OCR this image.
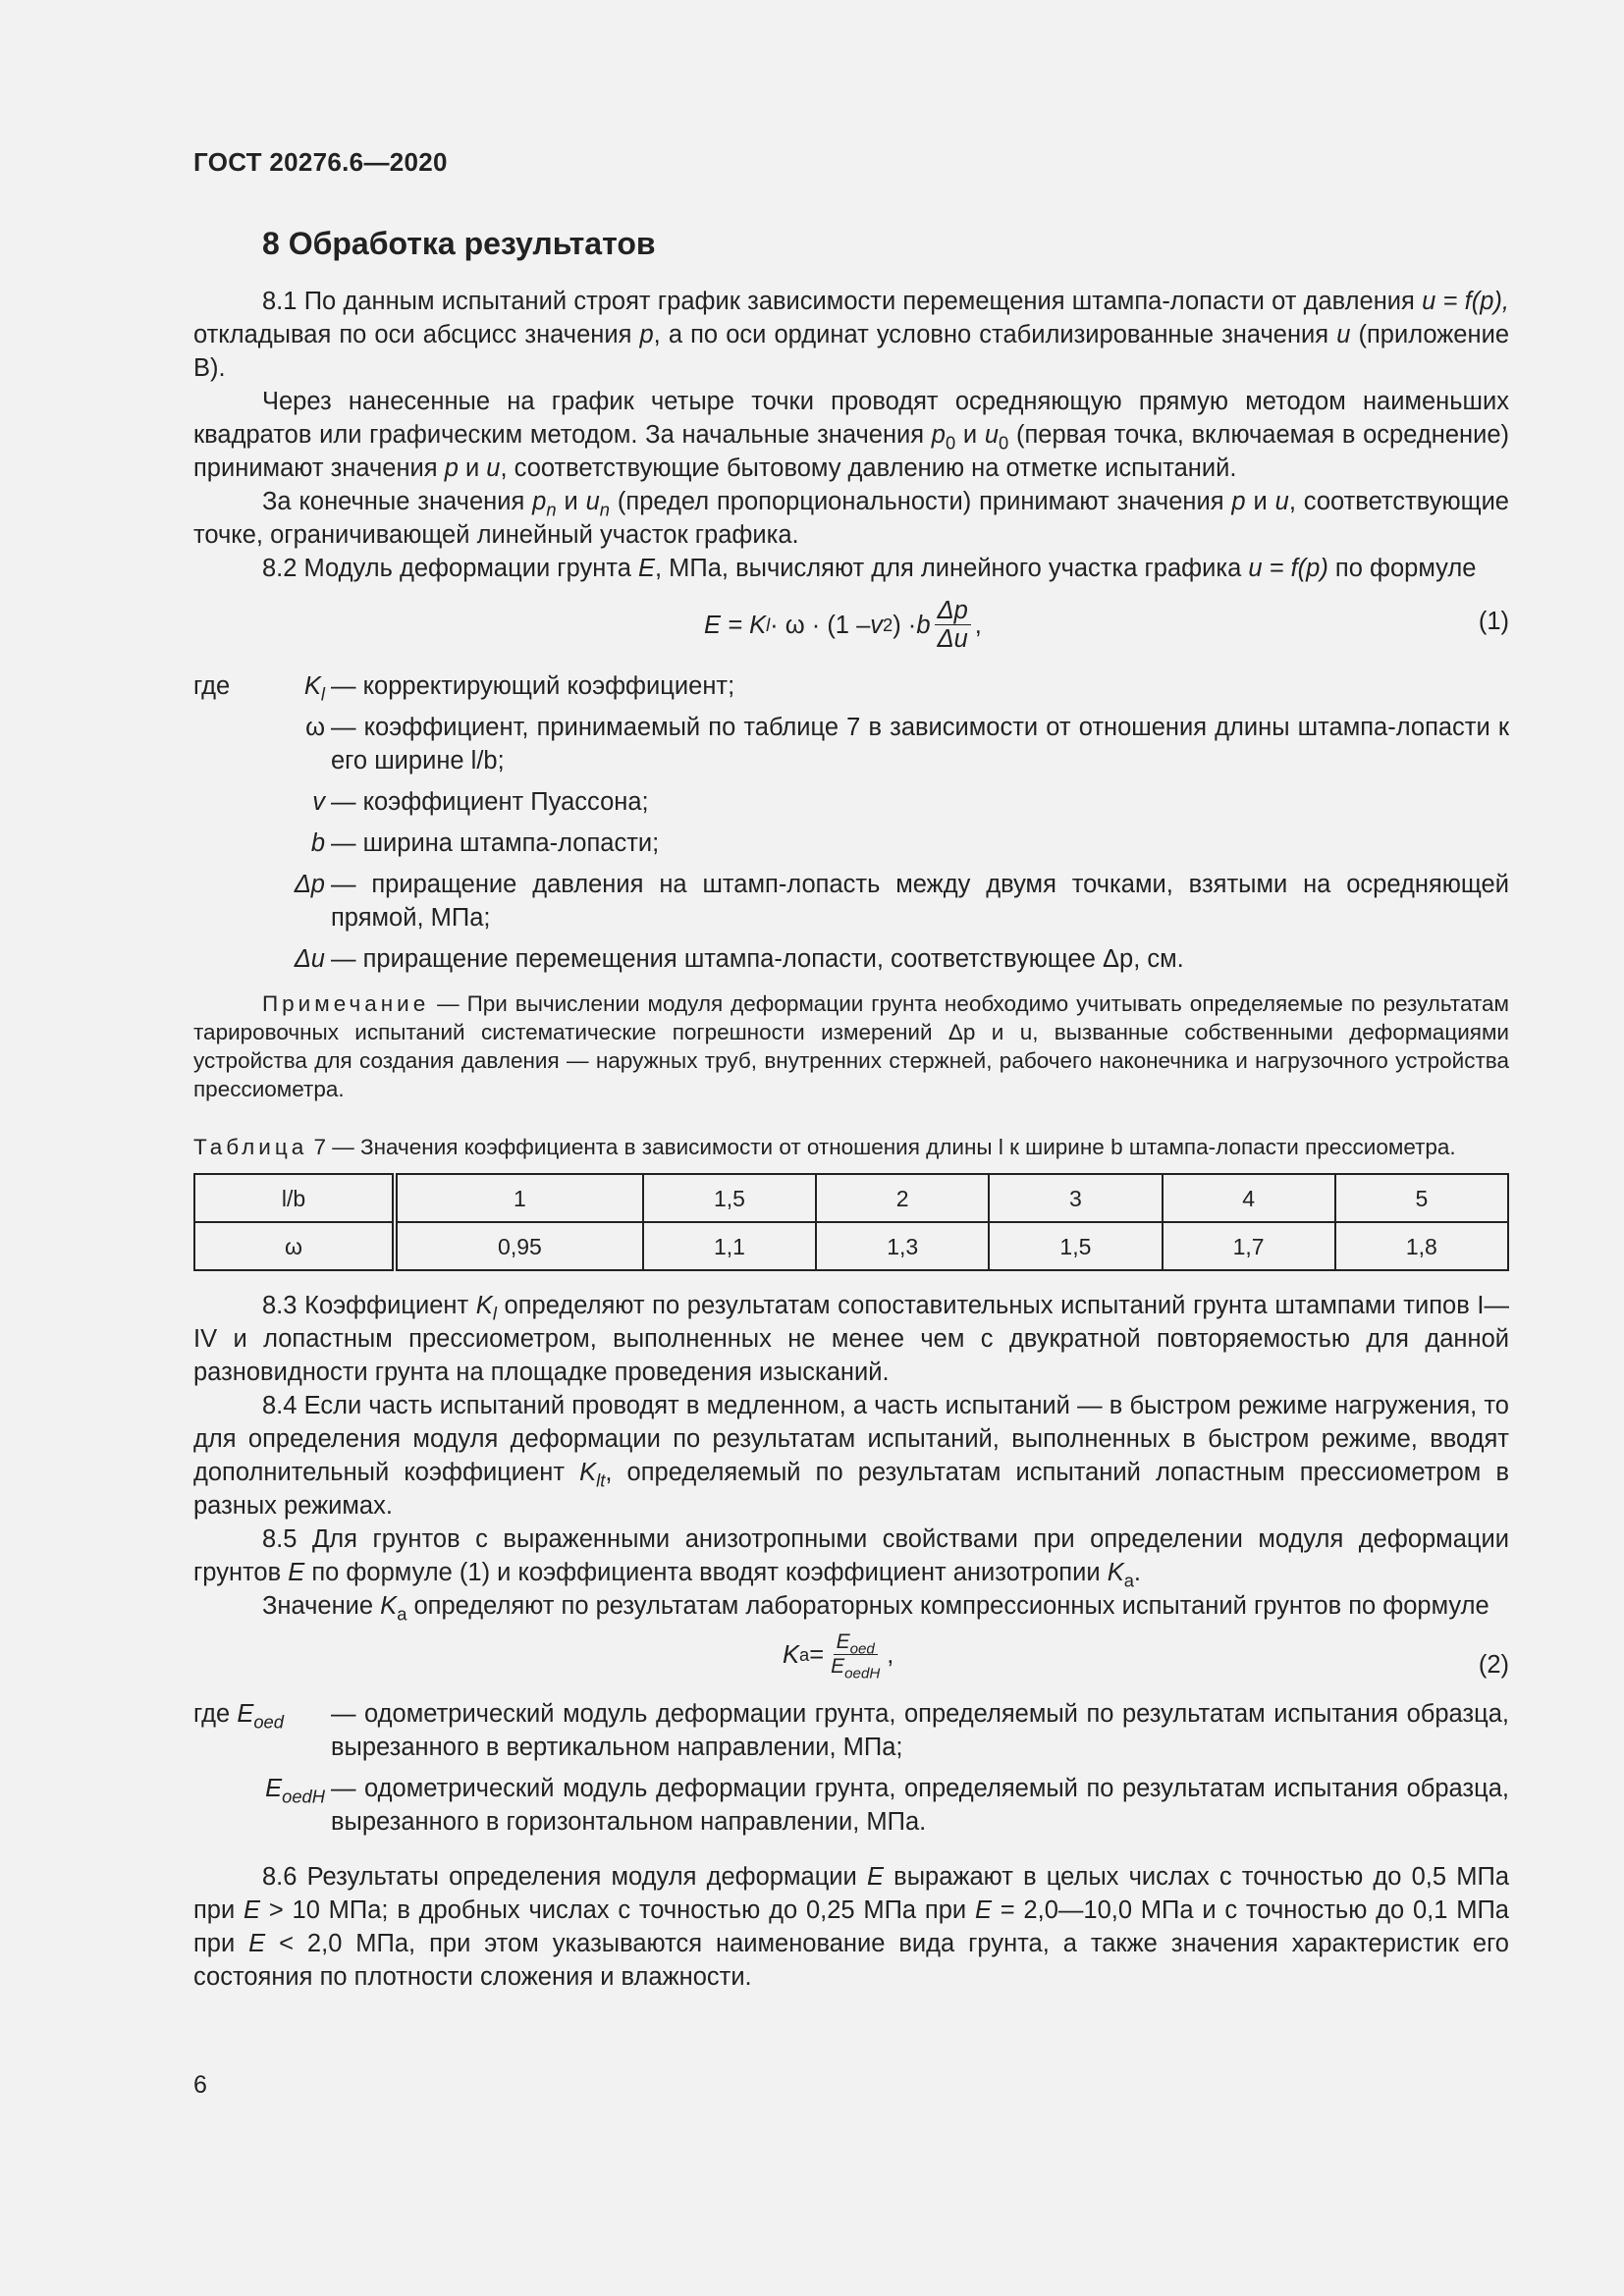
ГОСТ 20276.6—2020
8 Обработка результатов

8.1 По данным испытаний строят график зависимости перемещения штампа-лопасти от давления u = f(p), откладывая по оси абсцисс значения p, а по оси ординат условно стабилизированные значения u (приложение В).

Через нанесенные на график четыре точки проводят осредняющую прямую методом наименьших квадратов или графическим методом. За начальные значения $p_0$ и $u_0$ (первая точка, включаемая в осреднение) принимают значения p и u, соответствующие бытовому давлению на отметке испытаний.

За конечные значения $p_n$ и $u_n$ (предел пропорциональности) принимают значения p и u, соответствующие точке, ограничивающей линейный участок графика.

8.2 Модуль деформации грунта E, МПа, вычисляют для линейного участка графика u = f(p) по формуле

E = K l · ω · (1 – v 2 ) · b $\frac{\Delta p}{\Delta u}$ ,	(1)
где	$K_l$ — корректирующий коэффициент;
ω — коэффициент, принимаемый по таблице 7 в зависимости от отношения длины штампа-лопасти к его ширине l/b;
v — коэффициент Пуассона;
b — ширина штампа-лопасти;
Δp — приращение давления на штамп-лопасть между двумя точками, взятыми на осредняющей прямой, МПа;
Δu — приращение перемещения штампа-лопасти, соответствующее Δp, см.
Примечание — При вычислении модуля деформации грунта необходимо учитывать определяемые по результатам тарировочных испытаний систематические погрешности измерений Δp и u, вызванные собственными деформациями устройства для создания давления — наружных труб, внутренних стержней, рабочего наконечника и нагрузочного устройства прессиометра.
Таблица 7 — Значения коэффициента в зависимости от отношения длины l к ширине b штампа-лопасти прессиометра.
l/b	1	1,5	2	3	4	5
ω	0,95	1,1	1,3	1,5	1,7	1,8

8.3 Коэффициент $K_l$ определяют по результатам сопоставительных испытаний грунта штампами типов I—IV и лопастным прессиометром, выполненных не менее чем с двукратной повторяемостью для данной разновидности грунта на площадке проведения изысканий.

8.4 Если часть испытаний проводят в медленном, а часть испытаний — в быстром режиме нагружения, то для определения модуля деформации по результатам испытаний, выполненных в быстром режиме, вводят дополнительный коэффициент $K_{lt}$, определяемый по результатам испытаний лопастным прессиометром в разных режимах.

8.5 Для грунтов с выраженными анизотропными свойствами при определении модуля деформации грунтов E по формуле (1) и коэффициента вводят коэффициент анизотропии $K_a$.

Значение $K_a$ определяют по результатам лабораторных компрессионных испытаний грунтов по формуле

K $a = \frac{E_{oed}}{E_{oedH}}$ ,	(2)
где $E_{oed}$	— одометрический модуль деформации грунта, определяемый по результатам испытания образца, вырезанного в вертикальном направлении, МПа;
$E_{oedH}$ — одометрический модуль деформации грунта, определяемый по результатам испытания образца, вырезанного в горизонтальном направлении, МПа.

8.6 Результаты определения модуля деформации E выражают в целых числах с точностью до 0,5 МПа при E > 10 МПа; в дробных числах с точностью до 0,25 МПа при E = 2,0—10,0 МПа и с точностью до 0,1 МПа при E < 2,0 МПа, при этом указываются наименование вида грунта, а также значения характеристик его состояния по плотности сложения и влажности.

6
